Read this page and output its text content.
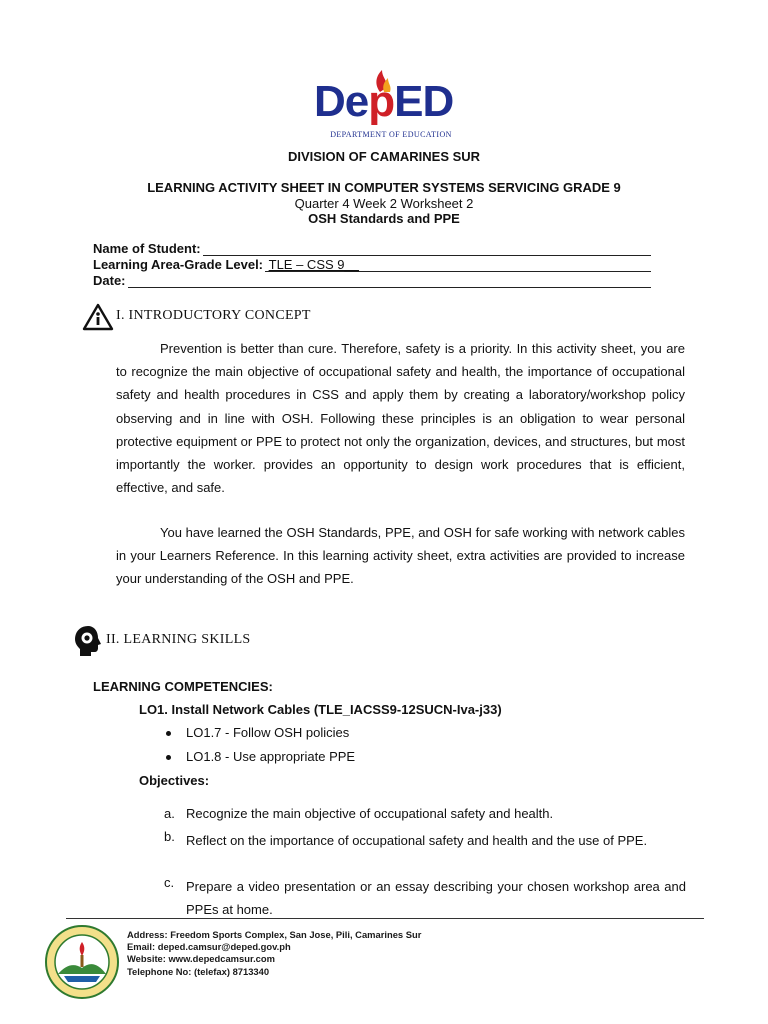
DepED
DEPARTMENT OF EDUCATION
DIVISION OF CAMARINES SUR
LEARNING ACTIVITY SHEET IN COMPUTER SYSTEMS SERVICING GRADE 9
Quarter 4 Week 2 Worksheet 2
OSH Standards and PPE
Name of Student:
Learning Area-Grade Level: TLE – CSS 9__
Date:
I. INTRODUCTORY CONCEPT
Prevention is better than cure. Therefore, safety is a priority. In this activity sheet, you are to recognize the main objective of occupational safety and health, the importance of occupational safety and health procedures in CSS and apply them by creating a laboratory/workshop policy observing and in line with OSH. Following these principles is an obligation to wear personal protective equipment or PPE to protect not only the organization, devices, and structures, but most importantly the worker. provides an opportunity to design work procedures that is efficient, effective, and safe.
You have learned the OSH Standards, PPE, and OSH for safe working with network cables in your Learners Reference. In this learning activity sheet, extra activities are provided to increase your understanding of the OSH and PPE.
II. LEARNING SKILLS
LEARNING COMPETENCIES:
LO1. Install Network Cables (TLE_IACSS9-12SUCN-Iva-j33)
LO1.7 - Follow OSH policies
LO1.8 - Use appropriate PPE
Objectives:
a. Recognize the main objective of occupational safety and health.
b. Reflect on the importance of occupational safety and health and the use of PPE.
c. Prepare a video presentation or an essay describing your chosen workshop area and PPEs at home.
Address: Freedom Sports Complex, San Jose, Pili, Camarines Sur
Email: deped.camsur@deped.gov.ph
Website: www.depedcamsur.com
Telephone No: (telefax) 8713340
